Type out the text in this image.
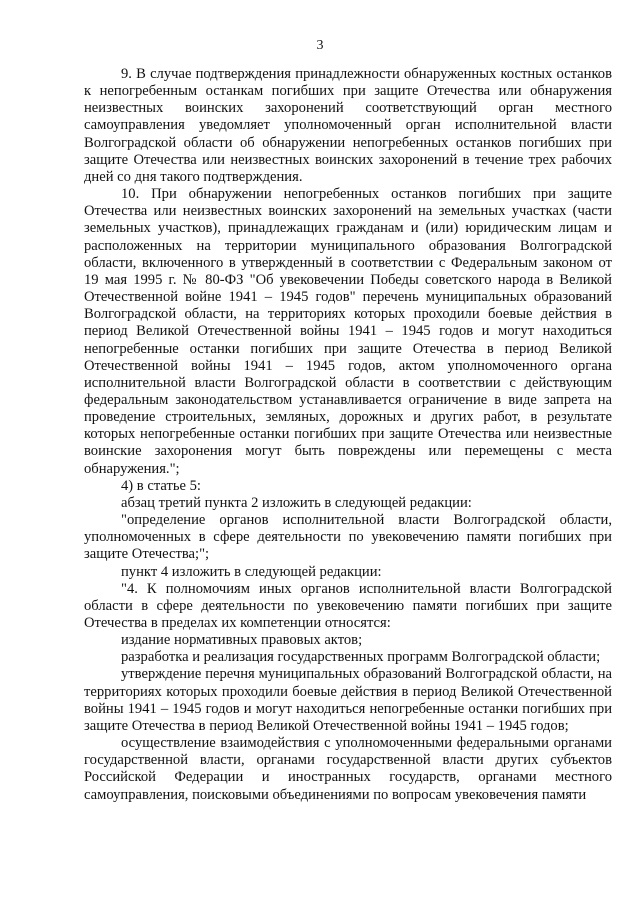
3

9. В случае подтверждения принадлежности обнаруженных костных останков к непогребенным останкам погибших при защите Отечества или обнаружения неизвестных воинских захоронений соответствующий орган местного самоуправления уведомляет уполномоченный орган исполнительной власти Волгоградской области об обнаружении непогребенных останков погибших при защите Отечества или неизвестных воинских захоронений в течение трех рабочих дней со дня такого подтверждения.

10. При обнаружении непогребенных останков погибших при защите Отечества или неизвестных воинских захоронений на земельных участках (части земельных участков), принадлежащих гражданам и (или) юридическим лицам и расположенных на территории муниципального образования Волгоградской области, включенного в утвержденный в соответствии с Федеральным законом от 19 мая 1995 г. № 80-ФЗ "Об увековечении Победы советского народа в Великой Отечественной войне 1941 – 1945 годов" перечень муниципальных образований Волгоградской области, на территориях которых проходили боевые действия в период Великой Отечественной войны 1941 – 1945 годов и могут находиться непогребенные останки погибших при защите Отечества в период Великой Отечественной войны 1941 – 1945 годов, актом уполномоченного органа исполнительной власти Волгоградской области в соответствии с действующим федеральным законодательством устанавливается ограничение в виде запрета на проведение строительных, земляных, дорожных и других работ, в результате которых непогребенные останки погибших при защите Отечества или неизвестные воинские захоронения могут быть повреждены или перемещены с места обнаружения.";

4) в статье 5:

абзац третий пункта 2 изложить в следующей редакции:

"определение органов исполнительной власти Волгоградской области, уполномоченных в сфере деятельности по увековечению памяти погибших при защите Отечества;";

пункт 4 изложить в следующей редакции:

"4. К полномочиям иных органов исполнительной власти Волгоградской области в сфере деятельности по увековечению памяти погибших при защите Отечества в пределах их компетенции относятся:

издание нормативных правовых актов;

разработка и реализация государственных программ Волгоградской области;

утверждение перечня муниципальных образований Волгоградской области, на территориях которых проходили боевые действия в период Великой Отечественной войны 1941 – 1945 годов и могут находиться непогребенные останки погибших при защите Отечества в период Великой Отечественной войны 1941 – 1945 годов;

осуществление взаимодействия с уполномоченными федеральными органами государственной власти, органами государственной власти других субъектов Российской Федерации и иностранных государств, органами местного самоуправления, поисковыми объединениями по вопросам увековечения памяти
